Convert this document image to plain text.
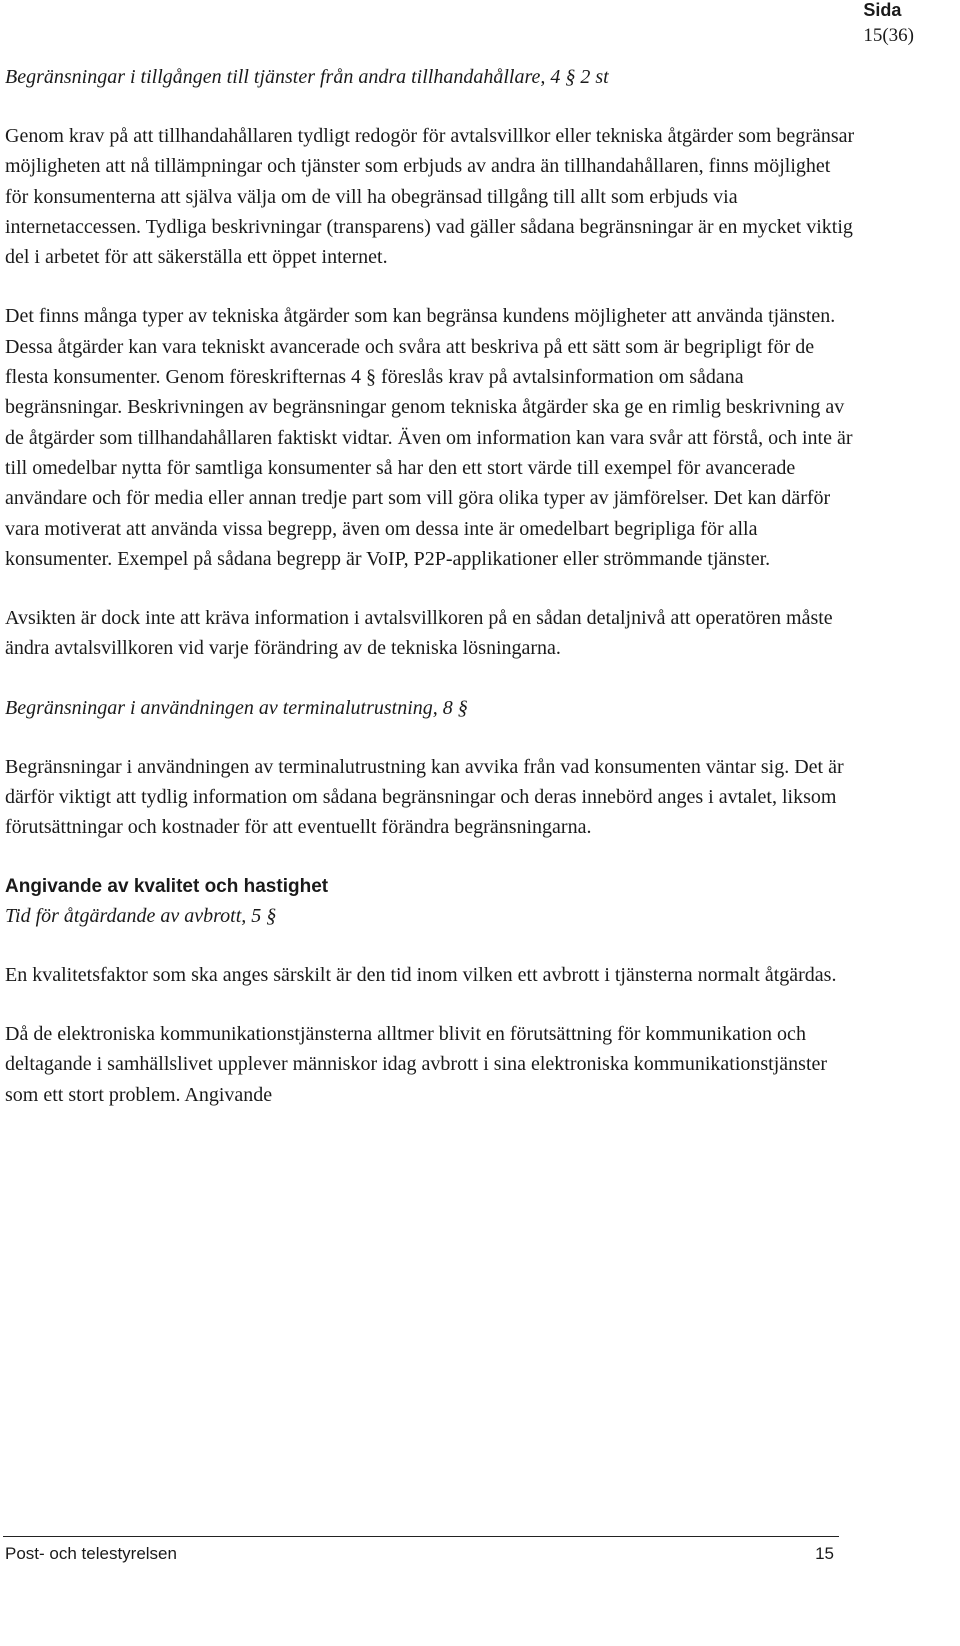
Sida
15(36)

Begränsningar i tillgången till tjänster från andra tillhandahållare, 4 § 2 st

Genom krav på att tillhandahållaren tydligt redogör för avtalsvillkor eller tekniska åtgärder som begränsar möjligheten att nå tillämpningar och tjänster som erbjuds av andra än tillhandahållaren, finns möjlighet för konsumenterna att själva välja om de vill ha obegränsad tillgång till allt som erbjuds via internetaccessen. Tydliga beskrivningar (transparens) vad gäller sådana begränsningar är en mycket viktig del i arbetet för att säkerställa ett öppet internet.

Det finns många typer av tekniska åtgärder som kan begränsa kundens möjligheter att använda tjänsten. Dessa åtgärder kan vara tekniskt avancerade och svåra att beskriva på ett sätt som är begripligt för de flesta konsumenter. Genom föreskrifternas 4 § föreslås krav på avtalsinformation om sådana begränsningar. Beskrivningen av begränsningar genom tekniska åtgärder ska ge en rimlig beskrivning av de åtgärder som tillhandahållaren faktiskt vidtar. Även om information kan vara svår att förstå, och inte är till omedelbar nytta för samtliga konsumenter så har den ett stort värde till exempel för avancerade användare och för media eller annan tredje part som vill göra olika typer av jämförelser. Det kan därför vara motiverat att använda vissa begrepp, även om dessa inte är omedelbart begripliga för alla konsumenter. Exempel på sådana begrepp är VoIP, P2P-applikationer eller strömmande tjänster.

Avsikten är dock inte att kräva information i avtalsvillkoren på en sådan detaljnivå att operatören måste ändra avtalsvillkoren vid varje förändring av de tekniska lösningarna.

Begränsningar i användningen av terminalutrustning, 8 §

Begränsningar i användningen av terminalutrustning kan avvika från vad konsumenten väntar sig. Det är därför viktigt att tydlig information om sådana begränsningar och deras innebörd anges i avtalet, liksom förutsättningar och kostnader för att eventuellt förändra begränsningarna.

Angivande av kvalitet och hastighet

Tid för åtgärdande av avbrott, 5 §

En kvalitetsfaktor som ska anges särskilt är den tid inom vilken ett avbrott i tjänsterna normalt åtgärdas.

Då de elektroniska kommunikationstjänsterna alltmer blivit en förutsättning för kommunikation och deltagande i samhällslivet upplever människor idag avbrott i sina elektroniska kommunikationstjänster som ett stort problem. Angivande

Post- och telestyrelsen	15
